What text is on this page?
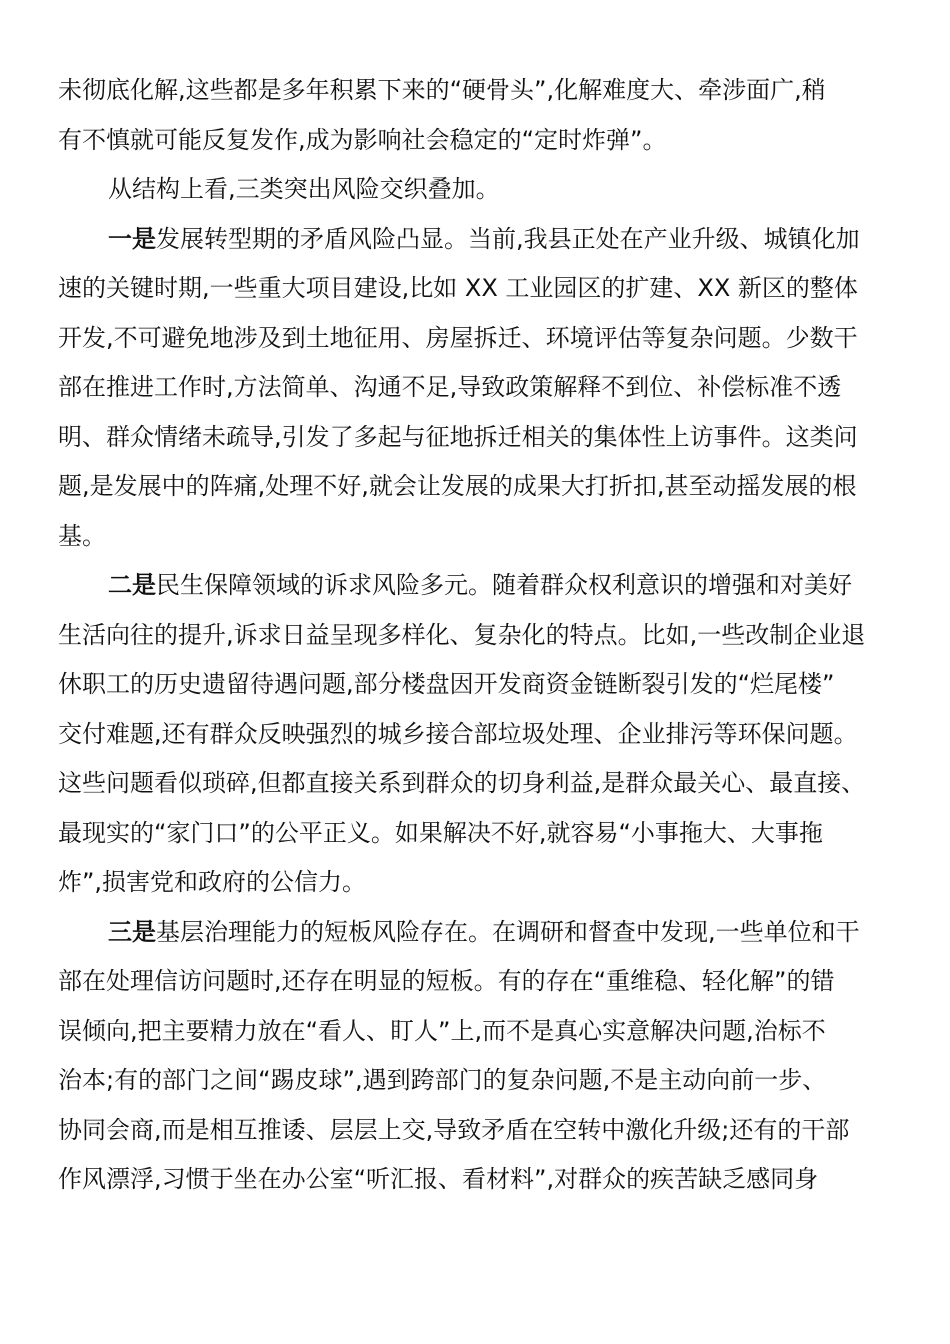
未彻底化解,这些都是多年积累下来的“硬骨头”,化解难度大、牵涉面广,稍
有不慎就可能反复发作,成为影响社会稳定的“定时炸弹”。
从结构上看,三类突出风险交织叠加。
一是发展转型期的矛盾风险凸显。当前,我县正处在产业升级、城镇化加
速的关键时期,一些重大项目建设,比如 XX 工业园区的扩建、XX 新区的整体
开发,不可避免地涉及到土地征用、房屋拆迁、环境评估等复杂问题。少数干
部在推进工作时,方法简单、沟通不足,导致政策解释不到位、补偿标准不透
明、群众情绪未疏导,引发了多起与征地拆迁相关的集体性上访事件。这类问
题,是发展中的阵痛,处理不好,就会让发展的成果大打折扣,甚至动摇发展的根
基。
二是民生保障领域的诉求风险多元。随着群众权利意识的增强和对美好
生活向往的提升,诉求日益呈现多样化、复杂化的特点。比如,一些改制企业退
休职工的历史遗留待遇问题,部分楼盘因开发商资金链断裂引发的“烂尾楼”
交付难题,还有群众反映强烈的城乡接合部垃圾处理、企业排污等环保问题。
这些问题看似琐碎,但都直接关系到群众的切身利益,是群众最关心、最直接、
最现实的“家门口”的公平正义。如果解决不好,就容易“小事拖大、大事拖
炸”,损害党和政府的公信力。
三是基层治理能力的短板风险存在。在调研和督查中发现,一些单位和干
部在处理信访问题时,还存在明显的短板。有的存在“重维稳、轻化解”的错
误倾向,把主要精力放在“看人、盯人”上,而不是真心实意解决问题,治标不
治本;有的部门之间“踢皮球”,遇到跨部门的复杂问题,不是主动向前一步、
协同会商,而是相互推诿、层层上交,导致矛盾在空转中激化升级;还有的干部
作风漂浮,习惯于坐在办公室“听汇报、看材料”,对群众的疾苦缺乏感同身
